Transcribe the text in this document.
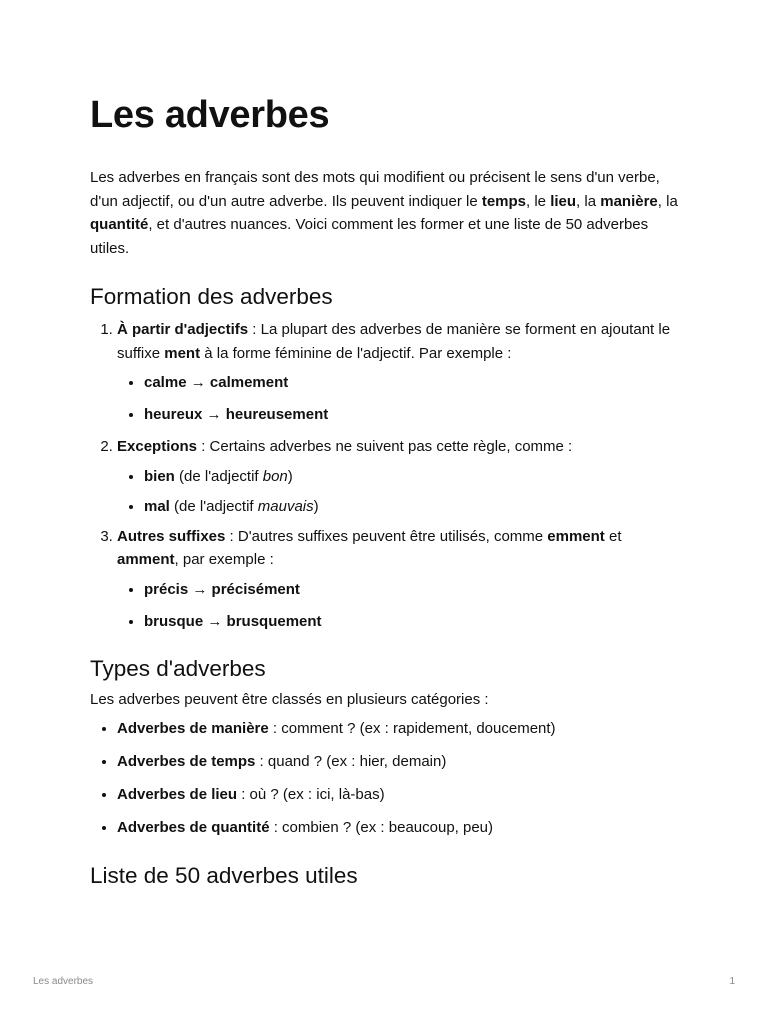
Les adverbes

Les adverbes en français sont des mots qui modifient ou précisent le sens d'un verbe, d'un adjectif, ou d'un autre adverbe. Ils peuvent indiquer le temps, le lieu, la manière, la quantité, et d'autres nuances. Voici comment les former et une liste de 50 adverbes utiles.

Formation des adverbes
1. À partir d'adjectifs : La plupart des adverbes de manière se forment en ajoutant le suffixe ment à la forme féminine de l'adjectif. Par exemple :
• calme → calmement
• heureux → heureusement
2. Exceptions : Certains adverbes ne suivent pas cette règle, comme :
• bien (de l'adjectif bon)
• mal (de l'adjectif mauvais)
3. Autres suffixes : D'autres suffixes peuvent être utilisés, comme emment et amment, par exemple :
• précis → précisément
• brusque → brusquement
Types d'adverbes

Les adverbes peuvent être classés en plusieurs catégories :

• Adverbes de manière : comment ? (ex : rapidement, doucement)
• Adverbes de temps : quand ? (ex : hier, demain)
• Adverbes de lieu : où ? (ex : ici, là-bas)
• Adverbes de quantité : combien ? (ex : beaucoup, peu)
Liste de 50 adverbes utiles
Les adverbes	1
